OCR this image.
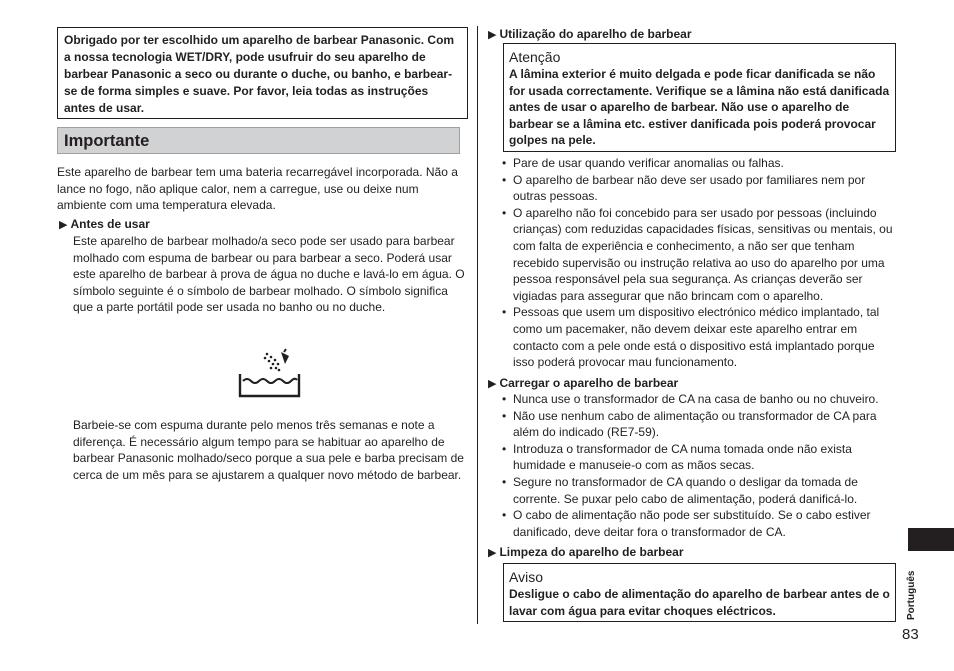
Obrigado por ter escolhido um aparelho de barbear Panasonic. Com a nossa tecnologia WET/DRY, pode usufruir do seu aparelho de barbear Panasonic a seco ou durante o duche, ou banho, e barbear-se de forma simples e suave. Por favor, leia todas as instruções antes de usar.
Importante
Este aparelho de barbear tem uma bateria recarregável incorporada. Não a lance no fogo, não aplique calor, nem a carregue, use ou deixe num ambiente com uma temperatura elevada.
▶ Antes de usar
Este aparelho de barbear molhado/a seco pode ser usado para barbear molhado com espuma de barbear ou para barbear a seco. Poderá usar este aparelho de barbear à prova de água no duche e lavá-lo em água. O símbolo seguinte é o símbolo de barbear molhado. O símbolo significa que a parte portátil pode ser usada no banho ou no duche.
Barbeie-se com espuma durante pelo menos três semanas e note a diferença. É necessário algum tempo para se habituar ao aparelho de barbear Panasonic molhado/seco porque a sua pele e barba precisam de cerca de um mês para se ajustarem a qualquer novo método de barbear.
▶ Utilização do aparelho de barbear
Atenção
A lâmina exterior é muito delgada e pode ficar danificada se não for usada correctamente. Verifique se a lâmina não está danificada antes de usar o aparelho de barbear. Não use o aparelho de barbear se a lâmina etc. estiver danificada pois poderá provocar golpes na pele.
• Pare de usar quando verificar anomalias ou falhas.
• O aparelho de barbear não deve ser usado por familiares nem por outras pessoas.
• O aparelho não foi concebido para ser usado por pessoas (incluindo crianças) com reduzidas capacidades físicas, sensitivas ou mentais, ou com falta de experiência e conhecimento, a não ser que tenham recebido supervisão ou instrução relativa ao uso do aparelho por uma pessoa responsável pela sua segurança. As crianças deverão ser vigiadas para assegurar que não brincam com o aparelho.
• Pessoas que usem um dispositivo electrónico médico implantado, tal como um pacemaker, não devem deixar este aparelho entrar em contacto com a pele onde está o dispositivo está implantado porque isso poderá provocar mau funcionamento.
▶ Carregar o aparelho de barbear
• Nunca use o transformador de CA na casa de banho ou no chuveiro.
• Não use nenhum cabo de alimentação ou transformador de CA para além do indicado (RE7-59).
• Introduza o transformador de CA numa tomada onde não exista humidade e manuseie-o com as mãos secas.
• Segure no transformador de CA quando o desligar da tomada de corrente. Se puxar pelo cabo de alimentação, poderá danificá-lo.
• O cabo de alimentação não pode ser substituído. Se o cabo estiver danificado, deve deitar fora o transformador de CA.
▶ Limpeza do aparelho de barbear
Aviso
Desligue o cabo de alimentação do aparelho de barbear antes de o lavar com água para evitar choques eléctricos.	Português
83
